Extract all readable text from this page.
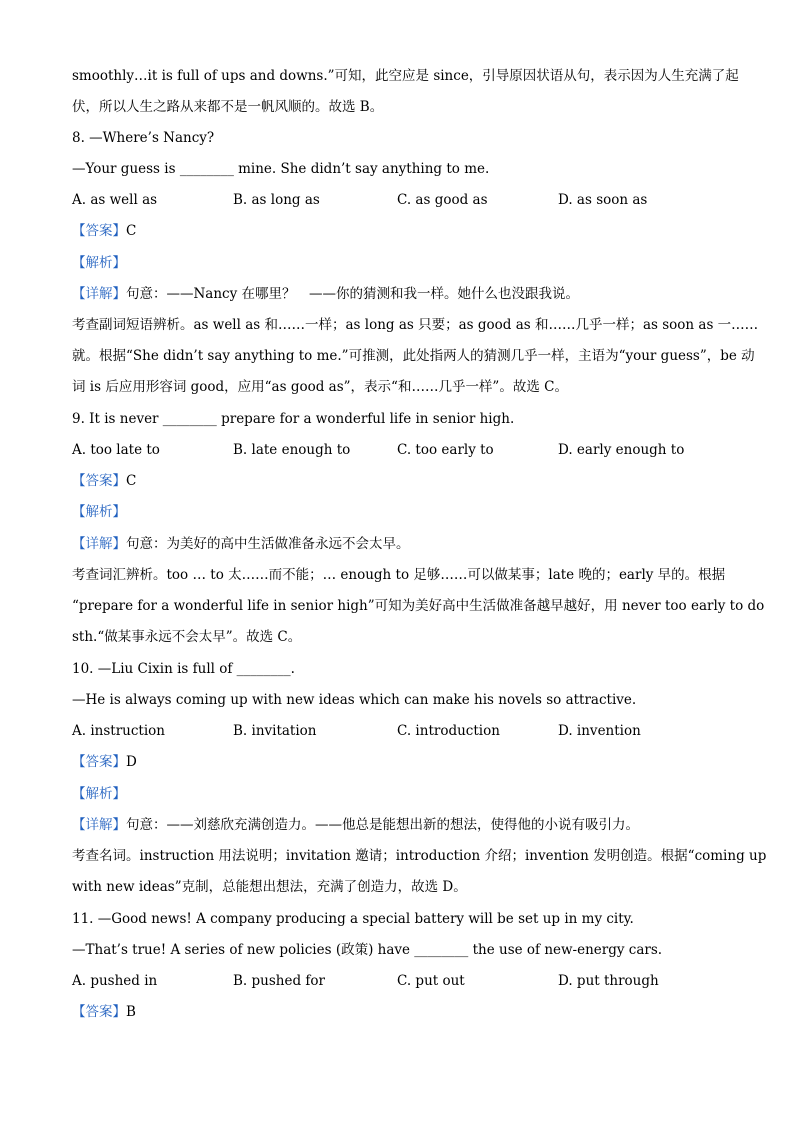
smoothly…it is full of ups and downs.”可知，此空应是 since，引导原因状语从句，表示因为人生充满了起
伏，所以人生之路从来都不是一帆风顺的。故选 B。
8. —Where’s Nancy?
—Your guess is ________ mine. She didn’t say anything to me.
A. as well as	B. as long as	C. as good as	D. as soon as
【答案】C
【解析】
【详解】句意：——Nancy 在哪里？　——你的猜测和我一样。她什么也没跟我说。
考查副词短语辨析。as well as 和……一样；as long as 只要；as good as 和……几乎一样；as soon as 一……
就。根据“She didn’t say anything to me.”可推测，此处指两人的猜测几乎一样，主语为“your guess”，be 动
词 is 后应用形容词 good，应用“as good as”，表示“和……几乎一样”。故选 C。
9. It is never ________ prepare for a wonderful life in senior high.
A. too late to	B. late enough to	C. too early to	D. early enough to
【答案】C
【解析】
【详解】句意：为美好的高中生活做准备永远不会太早。
考查词汇辨析。too … to 太……而不能；… enough to 足够……可以做某事；late 晚的；early 早的。根据
“prepare for a wonderful life in senior high”可知为美好高中生活做准备越早越好，用 never too early to do
sth.“做某事永远不会太早”。故选 C。
10. —Liu Cixin is full of ________.
—He is always coming up with new ideas which can make his novels so attractive.
A. instruction	B. invitation	C. introduction	D. invention
【答案】D
【解析】
【详解】句意：——刘慈欣充满创造力。——他总是能想出新的想法，使得他的小说有吸引力。
考查名词。instruction 用法说明；invitation 邀请；introduction 介绍；invention 发明创造。根据“coming up
with new ideas”克制，总能想出想法，充满了创造力，故选 D。
11. —Good news! A company producing a special battery will be set up in my city.
—That’s true! A series of new policies (政策) have ________ the use of new-energy cars.
A. pushed in	B. pushed for	C. put out	D. put through
【答案】B
